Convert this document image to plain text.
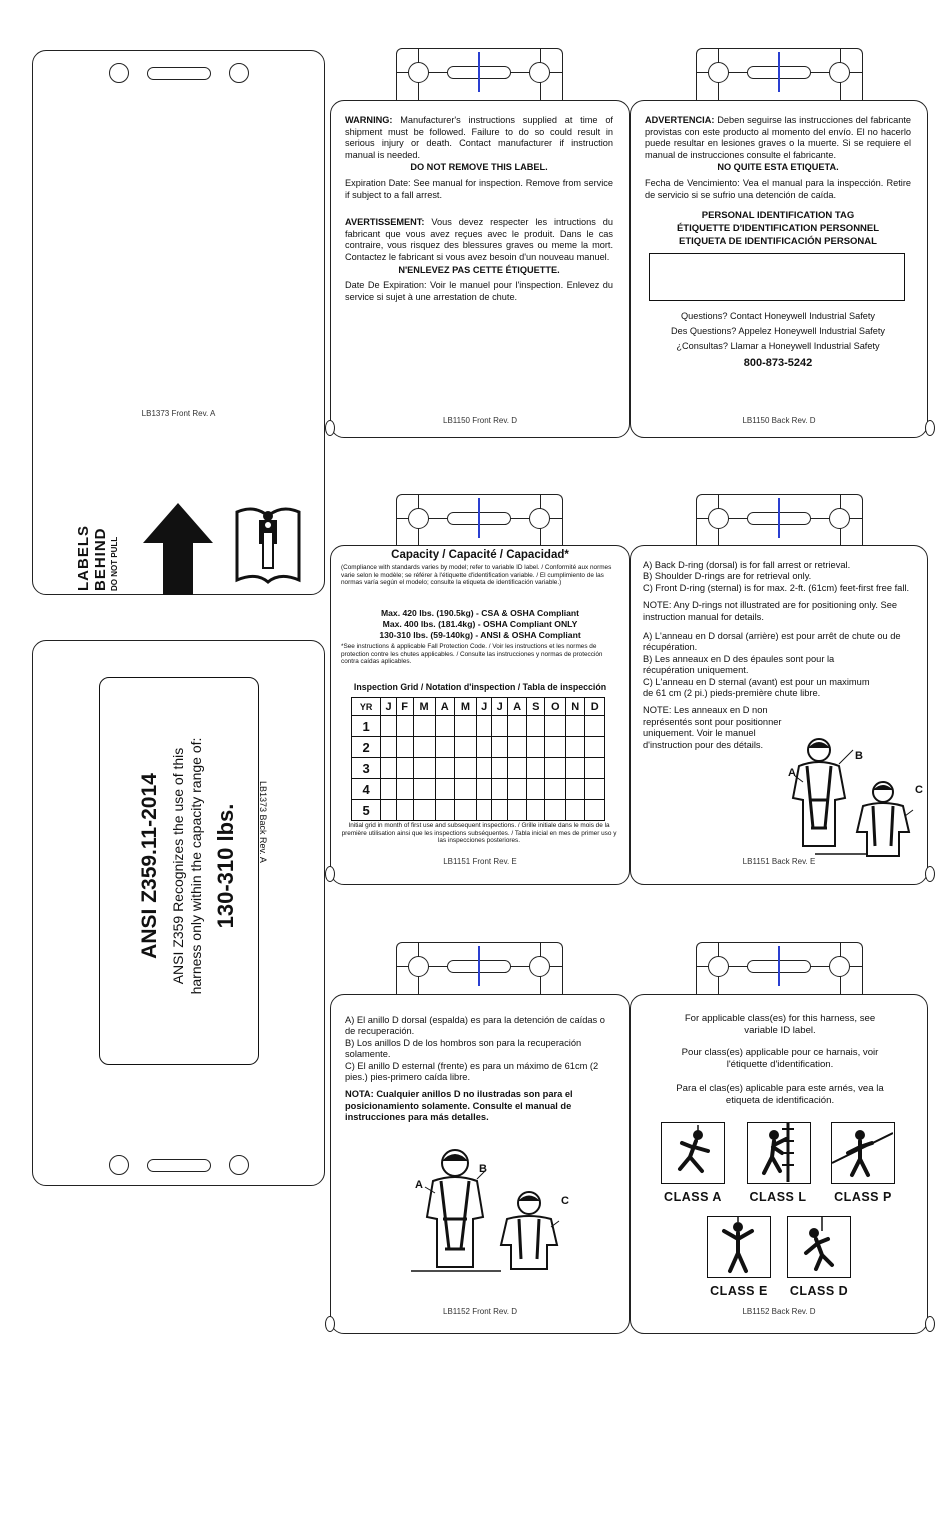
LB1373 Front Rev. A
LABELS BEHIND DO NOT PULL
ANSI Z359.11-2014 ANSI Z359 Recognizes the use of this harness only within the capacity range of: 130-310 lbs.	LB1373 Back Rev. A

WARNING: Manufacturer's instructions supplied at time of shipment must be followed. Failure to do so could result in serious injury or death. Contact manufacturer if instruction manual is needed.

DO NOT REMOVE THIS LABEL.

Expiration Date: See manual for inspection. Remove from service if subject to a fall arrest.

AVERTISSEMENT: Vous devez respecter les intructions du fabricant que vous avez reçues avec le produit. Dans le cas contraire, vous risquez des blessures graves ou meme la mort. Contactez le fabricant si vous avez besoin d'un nouveau manuel.

N'ENLEVEZ PAS CETTE ÉTIQUETTE.

Date De Expiration: Voir le manuel pour l'inspection. Enlevez du service si sujet à une arrestation de chute.

LB1150 Front Rev. D

ADVERTENCIA: Deben seguirse las instrucciones del fabricante provistas con este producto al momento del envío. El no hacerlo puede resultar en lesiones graves o la muerte. Si se requiere el manual de instrucciones consulte el fabricante.

NO QUITE ESTA ETIQUETA.

Fecha de Vencimiento: Vea el manual para la inspección. Retire de servicio si se sufrio una detención de caída.

PERSONAL IDENTIFICATION TAG
ÉTIQUETTE D'IDENTIFICATION PERSONNEL
ETIQUETA DE IDENTIFICACIÓN PERSONAL
Questions? Contact Honeywell Industrial Safety
Des Questions? Appelez Honeywell Industrial Safety
¿Consultas? Llamar a Honeywell Industrial Safety
800-873-5242
LB1150 Back Rev. D
Capacity / Capacité / Capacidad*
(Compliance with standards varies by model; refer to variable ID label. / Conformité aux normes varie selon le modèle; se référer à l'étiquette d'identification variable. / El cumplimiento de las normas varía según el modelo; consulte la etiqueta de identificación variable.)
Max. 420 lbs. (190.5kg) - CSA & OSHA Compliant
Max. 400 lbs. (181.4kg) - OSHA Compliant ONLY
130-310 lbs. (59-140kg) - ANSI & OSHA Compliant
*See instructions & applicable Fall Protection Code. / Voir les instructions et les normes de protection contre les chutes applicables. / Consulte las instrucciones y normas de protección contra caídas aplicables.
Inspection Grid / Notation d'inspection / Tabla de inspección
YR	J	F	M	A	M	J	J	A	S	O	N	D
1												
2												
3												
4												
5												
Initial grid in month of first use and subsequent inspections. / Grille initiale dans le mois de la première utilisation ainsi que les inspections subséquentes. / Tabla inicial en mes de primer uso y las inspecciones posteriores.
LB1151 Front Rev. E
A) Back D-ring (dorsal) is for fall arrest or retrieval.
B) Shoulder D-rings are for retrieval only.
C) Front D-ring (sternal) is for max. 2-ft. (61cm) feet-first free fall.
NOTE: Any D-rings not illustrated are for positioning only. See instruction manual for details.
A) L'anneau en D dorsal (arrière) est pour arrêt de chute ou de récupération.
B) Les anneaux en D des épaules sont pour la récupération uniquement.
C) L'anneau en D sternal (avant) est pour un maximum de 61 cm (2 pi.) pieds-première chute libre.
NOTE: Les anneaux en D non représentés sont pour positionner uniquement. Voir le manuel d'instruction pour des détails.
A
B
C
LB1151 Back Rev. E
A) El anillo D dorsal (espalda) es para la detención de caídas o de recuperación.
B) Los anillos D de los hombros son para la recuperación solamente.
C) El anillo D esternal (frente) es para un máximo de 61cm (2 pies.) pies-primero caída libre.
NOTA: Cualquier anillos D no ilustradas son para el posicionamiento solamente. Consulte el manual de instrucciones para más detalles.
A
B
C
LB1152 Front Rev. D
For applicable class(es) for this harness, see variable ID label.
Pour class(es) applicable pour ce harnais, voir l'étiquette d'identification.
Para el clas(es) aplicable para este arnés, vea la etiqueta de identificación.
CLASS A	CLASS L	CLASS P
CLASS E	CLASS D
LB1152 Back Rev. D
